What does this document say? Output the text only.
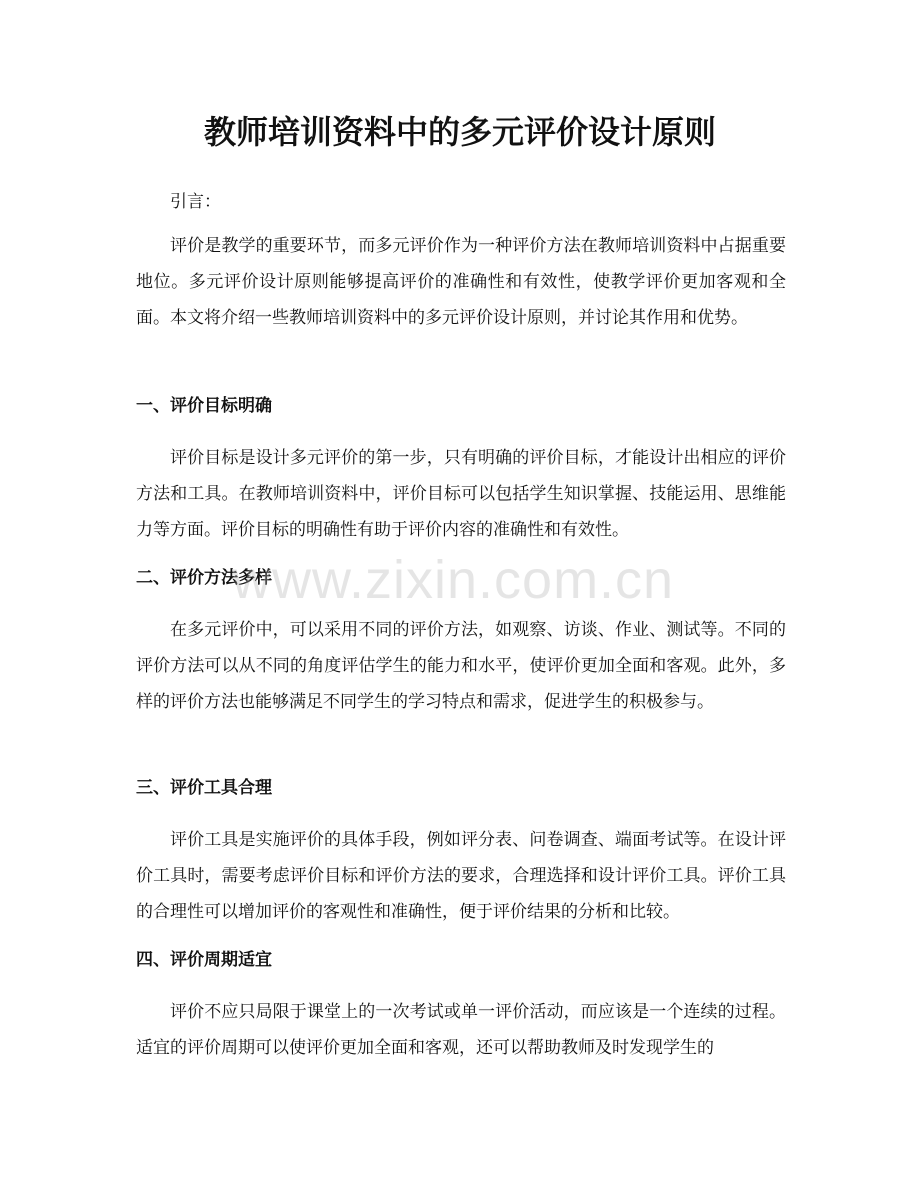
教师培训资料中的多元评价设计原则

引言：

评价是教学的重要环节，而多元评价作为一种评价方法在教师培训资料中占据重要地位。多元评价设计原则能够提高评价的准确性和有效性，使教学评价更加客观和全面。本文将介绍一些教师培训资料中的多元评价设计原则，并讨论其作用和优势。

一、评价目标明确

评价目标是设计多元评价的第一步，只有明确的评价目标，才能设计出相应的评价方法和工具。在教师培训资料中，评价目标可以包括学生知识掌握、技能运用、思维能力等方面。评价目标的明确性有助于评价内容的准确性和有效性。

二、评价方法多样

在多元评价中，可以采用不同的评价方法，如观察、访谈、作业、测试等。不同的评价方法可以从不同的角度评估学生的能力和水平，使评价更加全面和客观。此外，多样的评价方法也能够满足不同学生的学习特点和需求，促进学生的积极参与。

三、评价工具合理

评价工具是实施评价的具体手段，例如评分表、问卷调查、端面考试等。在设计评价工具时，需要考虑评价目标和评价方法的要求，合理选择和设计评价工具。评价工具的合理性可以增加评价的客观性和准确性，便于评价结果的分析和比较。

四、评价周期适宜

评价不应只局限于课堂上的一次考试或单一评价活动，而应该是一个连续的过程。适宜的评价周期可以使评价更加全面和客观，还可以帮助教师及时发现学生的

www.zixin.com.cn
